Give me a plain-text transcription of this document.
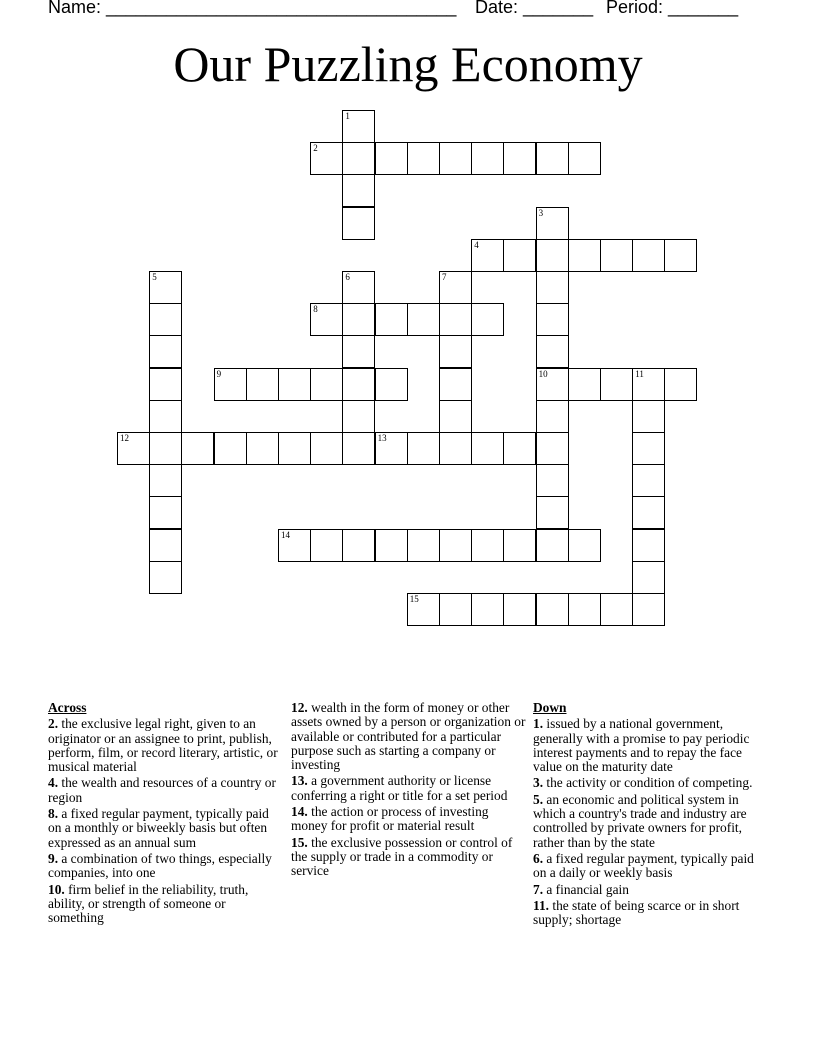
Name: ___________________________________ Date: _______ Period: _______
Our Puzzling Economy
1
2
3
10
4
5	6	7
8
9	11
12	13
14
15
Across
2. the exclusive legal right, given to an originator or an assignee to print, publish, perform, film, or record literary, artistic, or musical material
4. the wealth and resources of a country or region
8. a fixed regular payment, typically paid on a monthly or biweekly basis but often expressed as an annual sum
9. a combination of two things, especially companies, into one
10. firm belief in the reliability, truth, ability, or strength of someone or something
12. wealth in the form of money or other assets owned by a person or organization or available or contributed for a particular purpose such as starting a company or investing
13. a government authority or license conferring a right or title for a set period
14. the action or process of investing money for profit or material result
15. the exclusive possession or control of the supply or trade in a commodity or service
Down
1. issued by a national government, generally with a promise to pay periodic interest payments and to repay the face value on the maturity date
3. the activity or condition of competing.
5. an economic and political system in which a country's trade and industry are controlled by private owners for profit, rather than by the state
6. a fixed regular payment, typically paid on a daily or weekly basis
7. a financial gain
11. the state of being scarce or in short supply; shortage
